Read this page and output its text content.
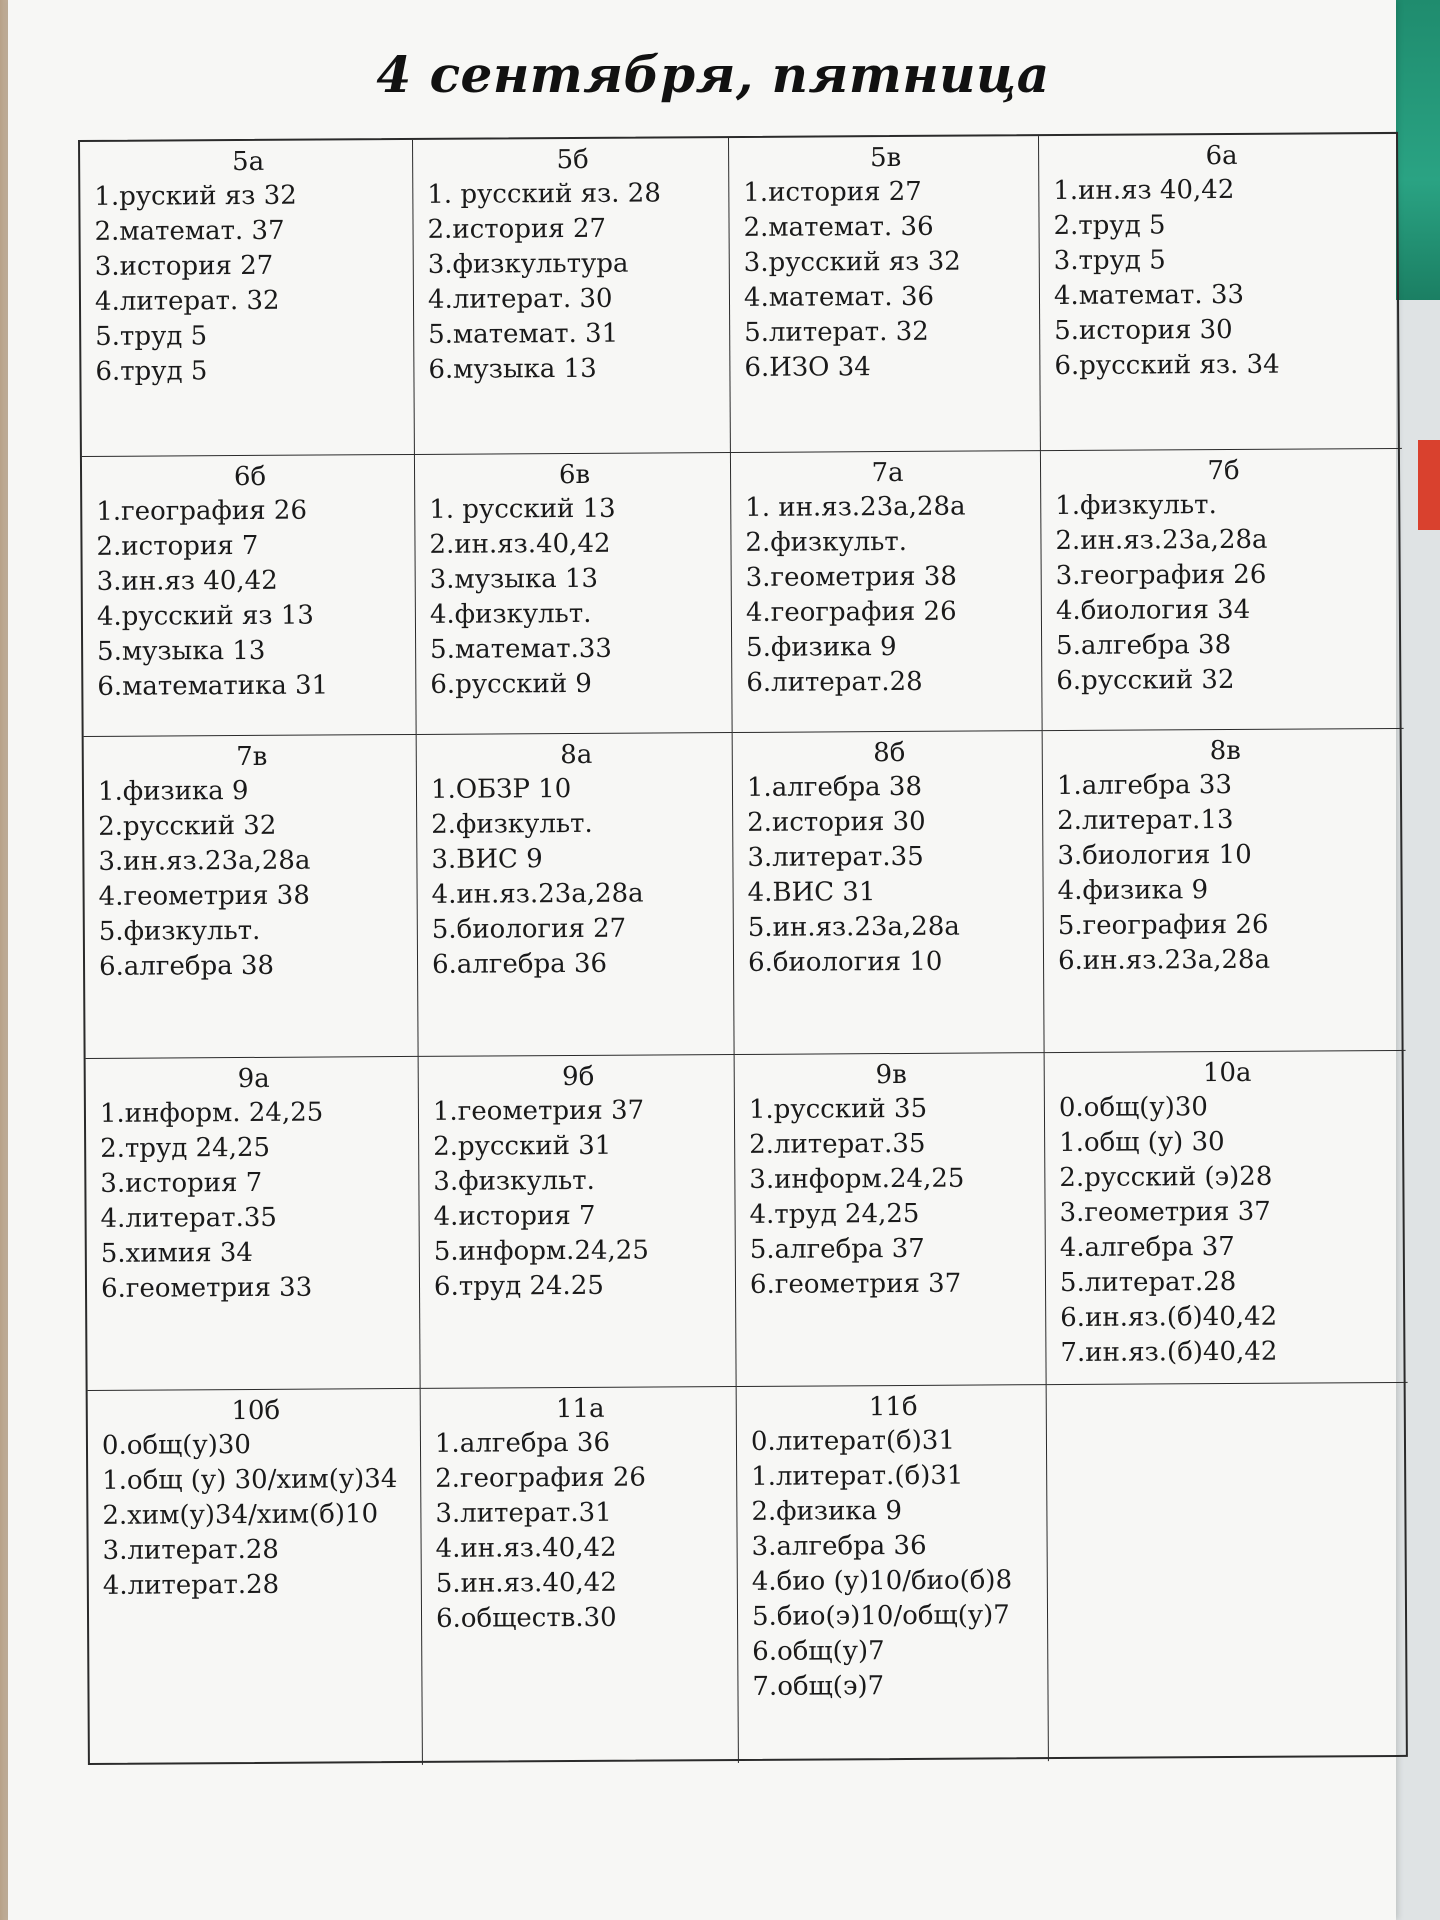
4 сентября, пятница
5а
1.руский яз 32
2.математ. 37
3.история 27
4.литерат. 32
5.труд 5
6.труд 5
5б
1. русский яз. 28
2.история 27
3.физкультура
4.литерат. 30
5.математ. 31
6.музыка 13
5в
1.история 27
2.математ. 36
3.русский яз 32
4.математ. 36
5.литерат. 32
6.ИЗО 34
6а
1.ин.яз 40,42
2.труд 5
3.труд 5
4.математ. 33
5.история 30
6.русский яз. 34
6б
1.география 26
2.история 7
3.ин.яз 40,42
4.русский яз 13
5.музыка 13
6.математика 31
6в
1. русский 13
2.ин.яз.40,42
3.музыка 13
4.физкульт.
5.математ.33
6.русский 9
7а
1. ин.яз.23а,28а
2.физкульт.
3.геометрия 38
4.география 26
5.физика 9
6.литерат.28
7б
1.физкульт.
2.ин.яз.23а,28а
3.география 26
4.биология 34
5.алгебра 38
6.русский 32
7в
1.физика 9
2.русский 32
3.ин.яз.23а,28а
4.геометрия 38
5.физкульт.
6.алгебра 38
8а
1.ОБЗР 10
2.физкульт.
3.ВИС 9
4.ин.яз.23а,28а
5.биология 27
6.алгебра 36
8б
1.алгебра 38
2.история 30
3.литерат.35
4.ВИС 31
5.ин.яз.23а,28а
6.биология 10
8в
1.алгебра 33
2.литерат.13
3.биология 10
4.физика 9
5.география 26
6.ин.яз.23а,28а
9а
1.информ. 24,25
2.труд 24,25
3.история 7
4.литерат.35
5.химия 34
6.геометрия 33
9б
1.геометрия 37
2.русский 31
3.физкульт.
4.история 7
5.информ.24,25
6.труд 24.25
9в
1.русский 35
2.литерат.35
3.информ.24,25
4.труд 24,25
5.алгебра 37
6.геометрия 37
10а
0.общ(у)30
1.общ (у) 30
2.русский (э)28
3.геометрия 37
4.алгебра 37
5.литерат.28
6.ин.яз.(б)40,42
7.ин.яз.(б)40,42
10б
0.общ(у)30
1.общ (у) 30/хим(у)34
2.хим(у)34/хим(б)10
3.литерат.28
4.литерат.28
11а
1.алгебра 36
2.география 26
3.литерат.31
4.ин.яз.40,42
5.ин.яз.40,42
6.обществ.30
11б
0.литерат(б)31
1.литерат.(б)31
2.физика 9
3.алгебра 36
4.био (у)10/био(б)8
5.био(э)10/общ(у)7
6.общ(у)7
7.общ(э)7
